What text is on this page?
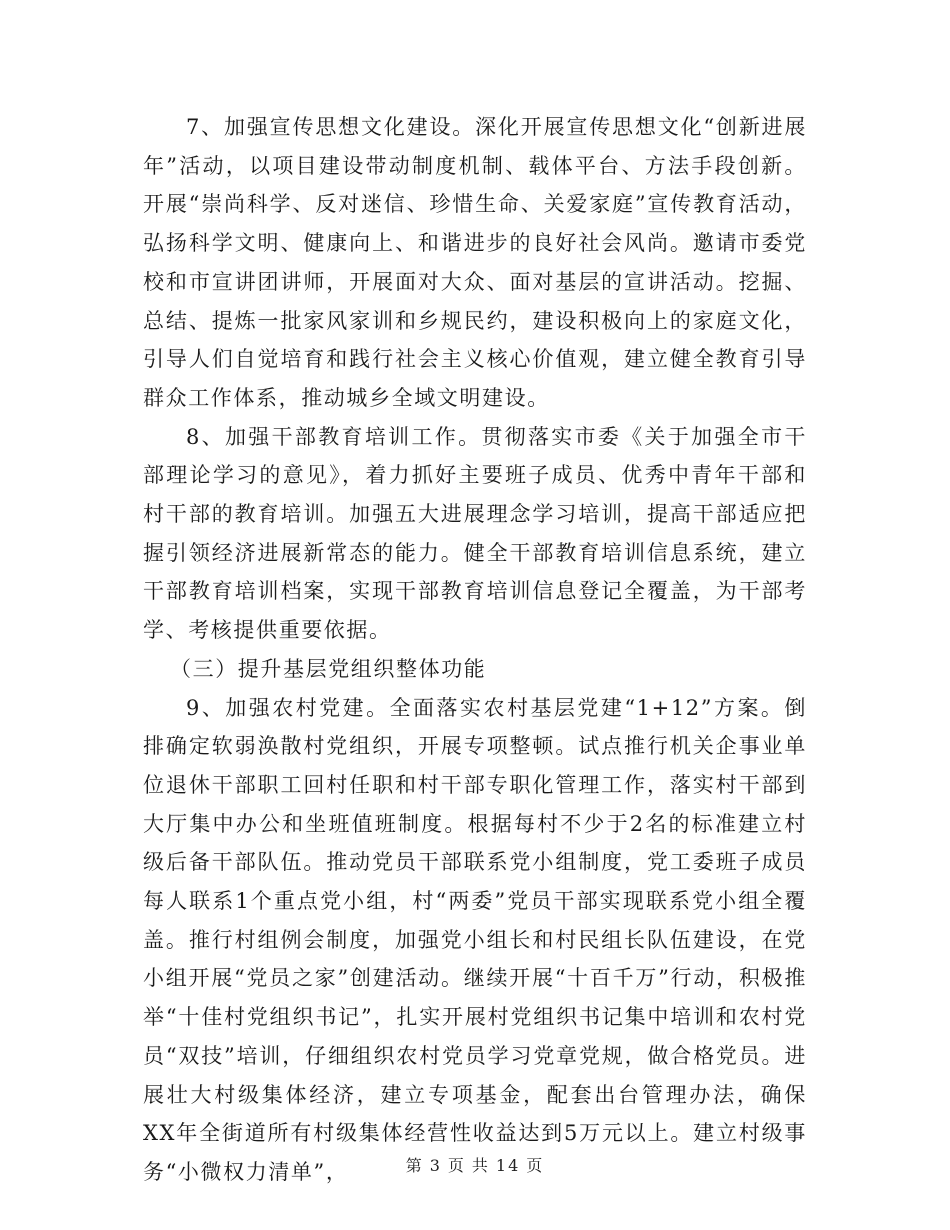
7、加强宣传思想文化建设。深化开展宣传思想文化“创新进展年”活动，以项目建设带动制度机制、载体平台、方法手段创新。开展“崇尚科学、反对迷信、珍惜生命、关爱家庭”宣传教育活动，弘扬科学文明、健康向上、和谐进步的良好社会风尚。邀请市委党校和市宣讲团讲师，开展面对大众、面对基层的宣讲活动。挖掘、总结、提炼一批家风家训和乡规民约，建设积极向上的家庭文化，引导人们自觉培育和践行社会主义核心价值观，建立健全教育引导群众工作体系，推动城乡全域文明建设。

8、加强干部教育培训工作。贯彻落实市委《关于加强全市干部理论学习的意见》，着力抓好主要班子成员、优秀中青年干部和村干部的教育培训。加强五大进展理念学习培训，提高干部适应把握引领经济进展新常态的能力。健全干部教育培训信息系统，建立干部教育培训档案，实现干部教育培训信息登记全覆盖，为干部考学、考核提供重要依据。

（三）提升基层党组织整体功能

9、加强农村党建。全面落实农村基层党建“1+12”方案。倒排确定软弱涣散村党组织，开展专项整顿。试点推行机关企事业单位退休干部职工回村任职和村干部专职化管理工作，落实村干部到大厅集中办公和坐班值班制度。根据每村不少于2名的标准建立村级后备干部队伍。推动党员干部联系党小组制度，党工委班子成员每人联系1个重点党小组，村“两委”党员干部实现联系党小组全覆盖。推行村组例会制度，加强党小组长和村民组长队伍建设，在党小组开展“党员之家”创建活动。继续开展“十百千万”行动，积极推举“十佳村党组织书记”，扎实开展村党组织书记集中培训和农村党员“双技”培训，仔细组织农村党员学习党章党规，做合格党员。进展壮大村级集体经济，建立专项基金，配套出台管理办法，确保XX年全街道所有村级集体经营性收益达到5万元以上。建立村级事务“小微权力清单”，	第 3 页 共 14 页
